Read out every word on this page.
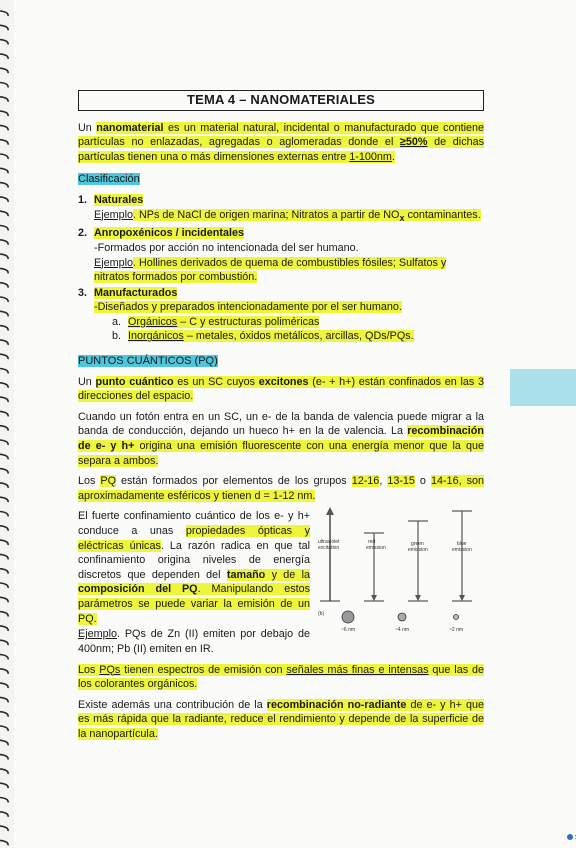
TEMA 4 – NANOMATERIALES

Un nanomaterial es un material natural, incidental o manufacturado que contiene partículas no enlazadas, agregadas o aglomeradas donde el ≥50% de dichas partículas tienen una o más dimensiones externas entre 1-100nm.

Clasificación
1. Naturales
Ejemplo. NPs de NaCl de origen marina; Nitratos a partir de $NO_x$ contaminantes.
2. Anropoxénicos / incidentales
-Formados por acción no intencionada del ser humano.
Ejemplo. Hollines derivados de quema de combustibles fósiles; Sulfatos y nitratos formados por combustión.
3. Manufacturados
-Diseñados y preparados intencionadamente por el ser humano.
a. Orgánicos – C y estructuras poliméricas
b. Inorgánicos – metales, óxidos metálicos, arcillas, QDs/PQs.
PUNTOS CUÁNTICOS (PQ)

Un punto cuántico es un SC cuyos excitones (e- + h+) están confinados en las 3 direcciones del espacio.

Cuando un fotón entra en un SC, un e- de la banda de valencia puede migrar a la banda de conducción, dejando un hueco h+ en la de valencia. La recombinación de e- y h+ origina una emisión fluorescente con una energía menor que la que separa a ambos.

Los PQ están formados por elementos de los grupos 12-16, 13-15 o 14-16, son aproximadamente esféricos y tienen d = 1-12 nm.

El fuerte confinamiento cuántico de los e- y h+ conduce a unas propiedades ópticas y eléctricas únicas. La razón radica en que tal confinamiento origina niveles de energía discretos que dependen del tamaño y de la composición del PQ. Manipulando estos parámetros se puede variar la emisión de un PQ.

ultraviolet
excitation
red
emission
green
emission
blue
emission
(b)
~6 nm	~4 nm	~2 nm

Ejemplo. PQs de Zn (II) emiten por debajo de 400nm; Pb (II) emiten en IR.

Los PQs tienen espectros de emisión con señales más finas e intensas que las de los colorantes orgánicos.

Existe además una contribución de la recombinación no-radiante de e- y h+ que es más rápida que la radiante, reduce el rendimiento y depende de la superficie de la nanopartícula.
